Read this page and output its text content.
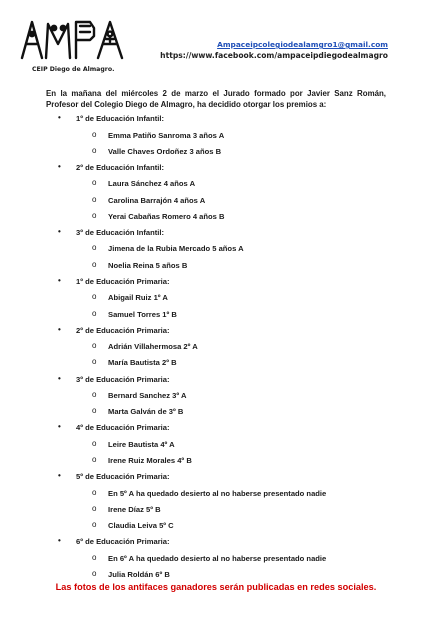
CEIP Diego de Almagro.
Ampaceipcolegiodealamgro1@gmail.com
https://www.facebook.com/ampaceipdiegodealmagro
En la mañana del miércoles 2 de marzo el Jurado formado por Javier Sanz Román, Profesor del Colegio Diego de Almagro, ha decidido otorgar los premios a:
• 1º de Educación Infantil:
o Emma Patiño Sanroma 3 años A
o Valle Chaves Ordoñez 3 años B
• 2º de Educación Infantil:
o Laura Sánchez 4 años A
o Carolina Barrajón 4 años A
o Yerai Cabañas Romero 4 años B
• 3º de Educación Infantil:
o Jimena de la Rubia Mercado 5 años A
o Noelia Reina 5 años B
• 1º de Educación Primaria:
o Abigail Ruiz 1º A
o Samuel Torres 1º B
• 2º de Educación Primaria:
o Adrián Villahermosa 2º A
o María Bautista 2º B
• 3º de Educación Primaria:
o Bernard Sanchez 3º A
o Marta Galván de 3º B
• 4º de Educación Primaria:
o Leire Bautista 4º A
o Irene Ruiz Morales 4º B
• 5º de Educación Primaria:
o En 5º A ha quedado desierto al no haberse presentado nadie
o Irene Díaz 5º B
o Claudia Leiva 5º C
• 6º de Educación Primaria:
o En 6º A ha quedado desierto al no haberse presentado nadie
o Julia Roldán 6º B
Las fotos de los antifaces ganadores serán publicadas en redes sociales.
